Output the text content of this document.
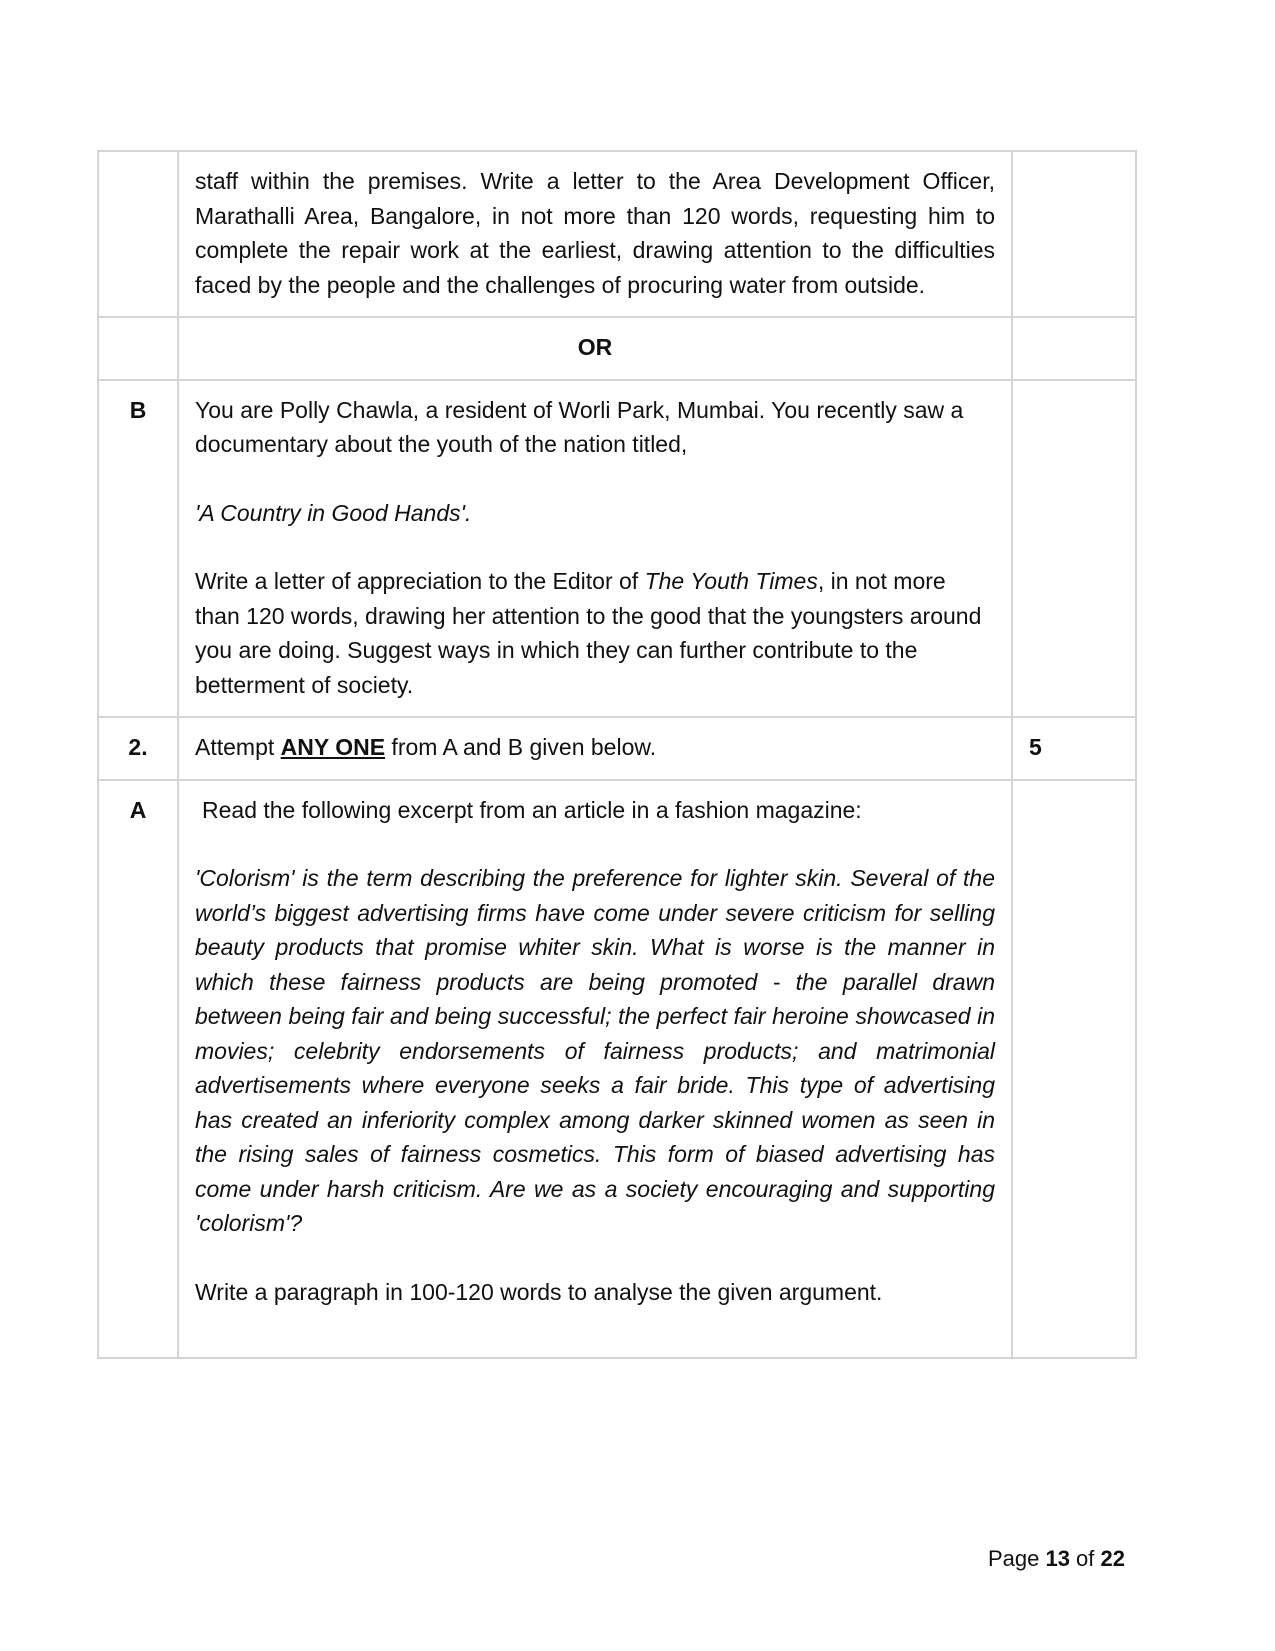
	staff within the premises. Write a letter to the Area Development Officer, Marathalli Area, Bangalore, in not more than 120 words, requesting him to complete the repair work at the earliest, drawing attention to the difficulties faced by the people and the challenges of procuring water from outside.	

	OR	

B	You are Polly Chawla, a resident of Worli Park, Mumbai. You recently saw a documentary about the youth of the nation titled,

'A Country in Good Hands'.

Write a letter of appreciation to the Editor of The Youth Times, in not more than 120 words, drawing her attention to the good that the youngsters around you are doing. Suggest ways in which they can further contribute to the betterment of society.	

2.	Attempt ANY ONE from A and B given below.	5
A	Read the following excerpt from an article in a fashion magazine:

'Colorism' is the term describing the preference for lighter skin. Several of the world’s biggest advertising firms have come under severe criticism for selling beauty products that promise whiter skin. What is worse is the manner in which these fairness products are being promoted - the parallel drawn between being fair and being successful; the perfect fair heroine showcased in movies; celebrity endorsements of fairness products; and matrimonial advertisements where everyone seeks a fair bride. This type of advertising has created an inferiority complex among darker skinned women as seen in the rising sales of fairness cosmetics. This form of biased advertising has come under harsh criticism. Are we as a society encouraging and supporting 'colorism'?

Write a paragraph in 100-120 words to analyse the given argument.	

Page 13 of 22
